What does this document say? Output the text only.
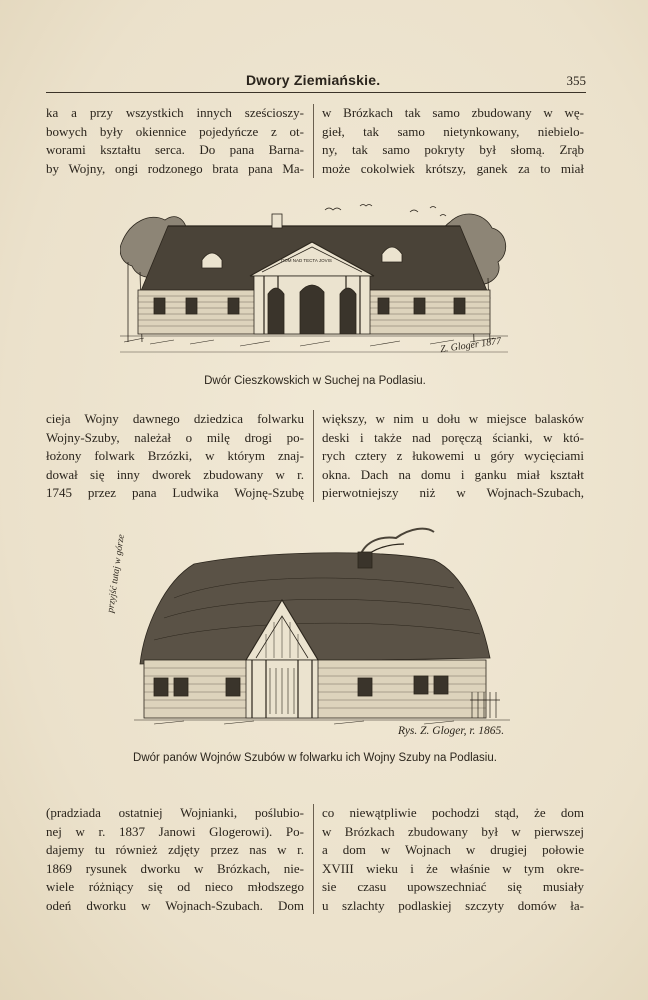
Dwory Ziemiańskie.	355

ka a przy wszystkich innych sześcioszy-

bowych były okiennice pojedyńcze z ot-

worami kształtu serca. Do pana Barna-

by Wojny, ongi rodzonego brata pana Ma-

w Brózkach tak samo zbudowany w wę-

gieł, tak samo nietynkowany, niebielo-

ny, tak samo pokryty był słomą. Zrąb

może cokolwiek krótszy, ganek za to miał

DOM NAD TECTA JOVIS
Z. Gloger 1877
Dwór Cieszkowskich w Suchej na Podlasiu.

cieja Wojny dawnego dziedzica folwarku

Wojny-Szuby, należał o milę drogi po-

łożony folwark Brzózki, w którym znaj-

dował się inny dworek zbudowany w r.

1745 przez pana Ludwika Wojnę-Szubę

większy, w nim u dołu w miejsce balasków

deski i także nad poręczą ścianki, w któ-

rych cztery z łukowemi u góry wycięciami

okna. Dach na domu i ganku miał kształt

pierwotniejszy niż w Wojnach-Szubach,

przyjść tutaj w górze
Rys. Z. Gloger, r. 1865.
Dwór panów Wojnów Szubów w folwarku ich Wojny Szuby na Podlasiu.

(pradziada ostatniej Wojnianki, poślubio-

nej w r. 1837 Janowi Glogerowi). Po-

dajemy tu również zdjęty przez nas w r.

1869 rysunek dworku w Brózkach, nie-

wiele różniący się od nieco młodszego

odeń dworku w Wojnach-Szubach. Dom

co niewątpliwie pochodzi stąd, że dom

w Brózkach zbudowany był w pierwszej

a dom w Wojnach w drugiej połowie

XVIII wieku i że właśnie w tym okre-

sie czasu upowszechniać się musiały

u szlachty podlaskiej szczyty domów ła-
